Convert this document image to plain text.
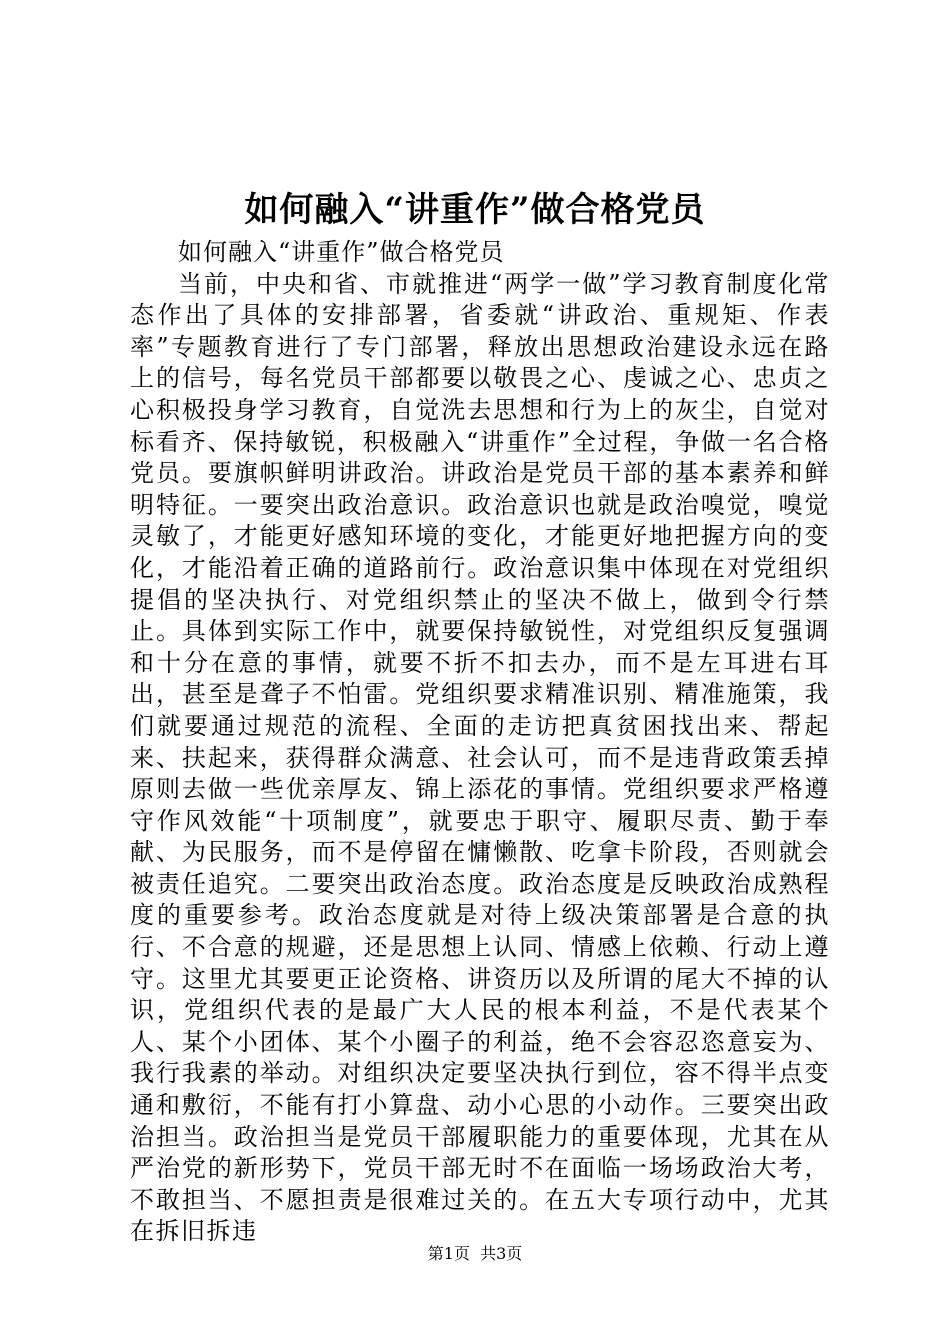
如何融入“讲重作”做合格党员

如何融入“讲重作”做合格党员

当前，中央和省、市就推进“两学一做”学习教育制度化常态作出了具体的安排部署，省委就“讲政治、重规矩、作表率”专题教育进行了专门部署，释放出思想政治建设永远在路上的信号，每名党员干部都要以敬畏之心、虔诚之心、忠贞之心积极投身学习教育，自觉洗去思想和行为上的灰尘，自觉对标看齐、保持敏锐，积极融入“讲重作”全过程，争做一名合格党员。要旗帜鲜明讲政治。讲政治是党员干部的基本素养和鲜明特征。一要突出政治意识。政治意识也就是政治嗅觉，嗅觉灵敏了，才能更好感知环境的变化，才能更好地把握方向的变化，才能沿着正确的道路前行。政治意识集中体现在对党组织提倡的坚决执行、对党组织禁止的坚决不做上，做到令行禁止。具体到实际工作中，就要保持敏锐性，对党组织反复强调和十分在意的事情，就要不折不扣去办，而不是左耳进右耳出，甚至是聋子不怕雷。党组织要求精准识别、精准施策，我们就要通过规范的流程、全面的走访把真贫困找出来、帮起来、扶起来，获得群众满意、社会认可，而不是违背政策丢掉原则去做一些优亲厚友、锦上添花的事情。党组织要求严格遵守作风效能“十项制度”，就要忠于职守、履职尽责、勤于奉献、为民服务，而不是停留在慵懒散、吃拿卡阶段，否则就会被责任追究。二要突出政治态度。政治态度是反映政治成熟程度的重要参考。政治态度就是对待上级决策部署是合意的执行、不合意的规避，还是思想上认同、情感上依赖、行动上遵守。这里尤其要更正论资格、讲资历以及所谓的尾大不掉的认识，党组织代表的是最广大人民的根本利益，不是代表某个人、某个小团体、某个小圈子的利益，绝不会容忍恣意妄为、我行我素的举动。对组织决定要坚决执行到位，容不得半点变通和敷衍，不能有打小算盘、动小心思的小动作。三要突出政治担当。政治担当是党员干部履职能力的重要体现，尤其在从严治党的新形势下，党员干部无时不在面临一场场政治大考，不敢担当、不愿担责是很难过关的。在五大专项行动中，尤其在拆旧拆违

第1页  共3页
